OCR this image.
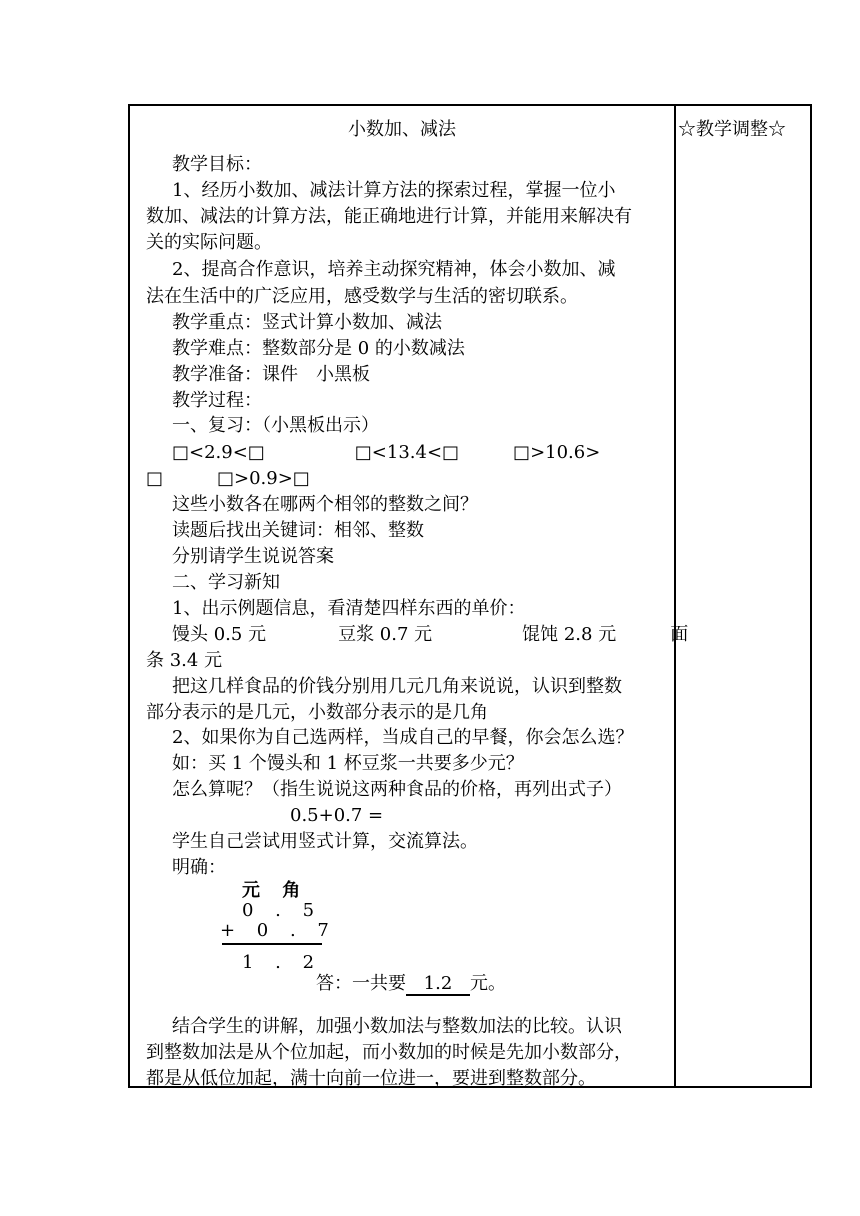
小数加、减法	☆教学调整☆
教学目标：
1、经历小数加、减法计算方法的探索过程，掌握一位小
数加、减法的计算方法，能正确地进行计算，并能用来解决有
关的实际问题。
2、提高合作意识，培养主动探究精神，体会小数加、减
法在生活中的广泛应用，感受数学与生活的密切联系。
教学重点：竖式计算小数加、减法
教学难点：整数部分是 0 的小数减法
教学准备：课件　小黑板
教学过程：
一、复习：（小黑板出示）
□<2.9<□　　　　　□<13.4<□　　　□>10.6>
□　　　□>0.9>□
这些小数各在哪两个相邻的整数之间？
读题后找出关键词：相邻、整数
分别请学生说说答案
二、学习新知
1、出示例题信息，看清楚四样东西的单价：
馒头 0.5 元　　　　豆浆 0.7 元　　　　　馄饨 2.8 元　　　面
条 3.4 元
把这几样食品的价钱分别用几元几角来说说，认识到整数
部分表示的是几元，小数部分表示的是几角
2、如果你为自己选两样，当成自己的早餐，你会怎么选？
如：买 1 个馒头和 1 杯豆浆一共要多少元？
怎么算呢？（指生说说这两种食品的价格，再列出式子）
0.5+0.7 =
学生自己尝试用竖式计算，交流算法。
明确：
元 角
0 . 5
+ 0 . 7
1 . 2
答：一共要 1.2 元。
结合学生的讲解，加强小数加法与整数加法的比较。认识
到整数加法是从个位加起，而小数加的时候是先加小数部分，
都是从低位加起，满十向前一位进一，要进到整数部分。
